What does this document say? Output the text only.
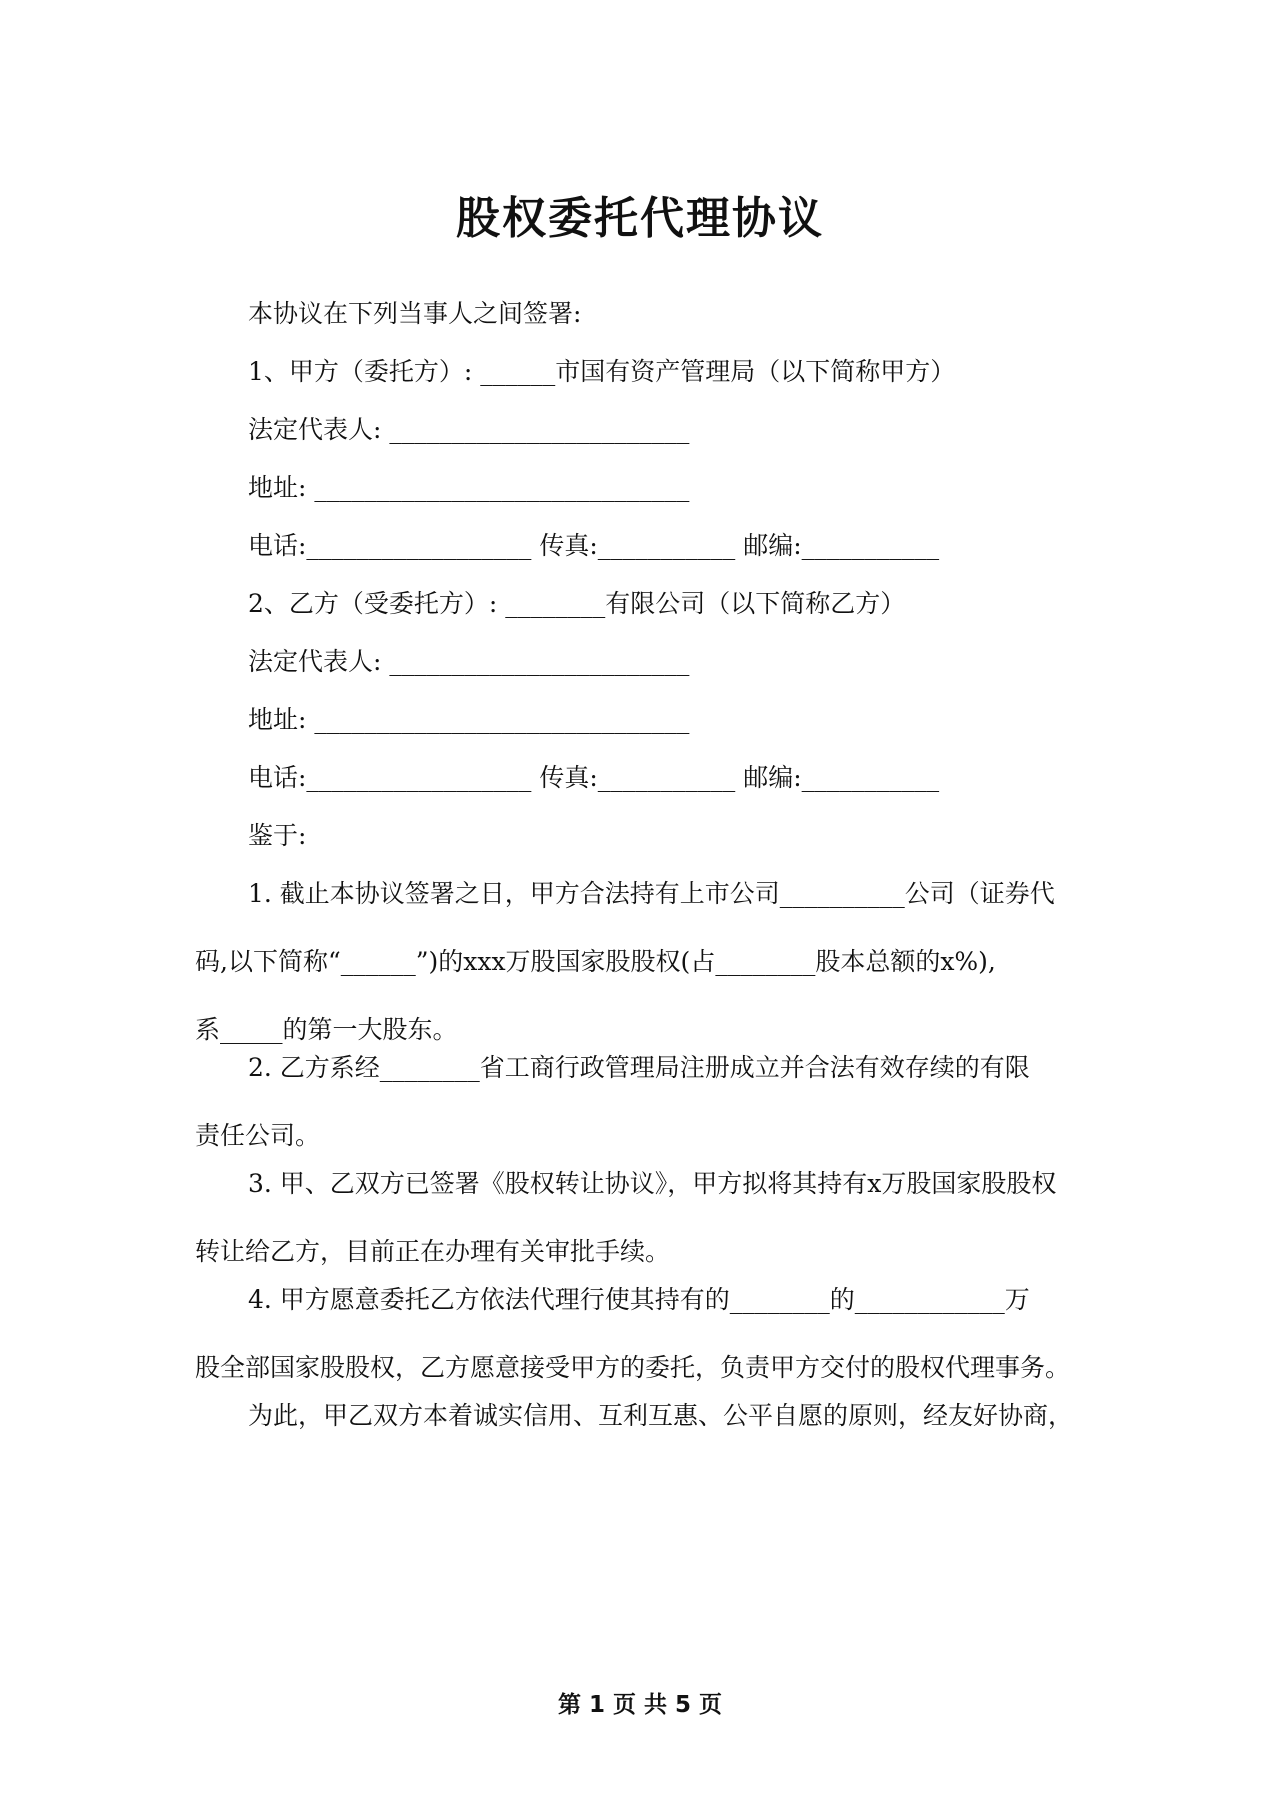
股权委托代理协议

本协议在下列当事人之间签署:

1、甲方（委托方）: ______市国有资产管理局（以下简称甲方）

法定代表人: ________________________

地址: ______________________________

电话:__________________ 传真:___________ 邮编:___________

2、乙方（受委托方）: ________有限公司（以下简称乙方）

法定代表人: ________________________

地址: ______________________________

电话:__________________ 传真:___________ 邮编:___________

鉴于:

1. 截止本协议签署之日，甲方合法持有上市公司__________公司（证券代
码,以下简称“______”)的xxx万股国家股股权(占________股本总额的x%),
系_____的第一大股东。
2. 乙方系经________省工商行政管理局注册成立并合法有效存续的有限
责任公司。
3. 甲、乙双方已签署《股权转让协议》，甲方拟将其持有x万股国家股股权
转让给乙方，目前正在办理有关审批手续。
4. 甲方愿意委托乙方依法代理行使其持有的________的____________万
股全部国家股股权，乙方愿意接受甲方的委托，负责甲方交付的股权代理事务。
为此，甲乙双方本着诚实信用、互利互惠、公平自愿的原则，经友好协商，

第 1 页 共 5 页
